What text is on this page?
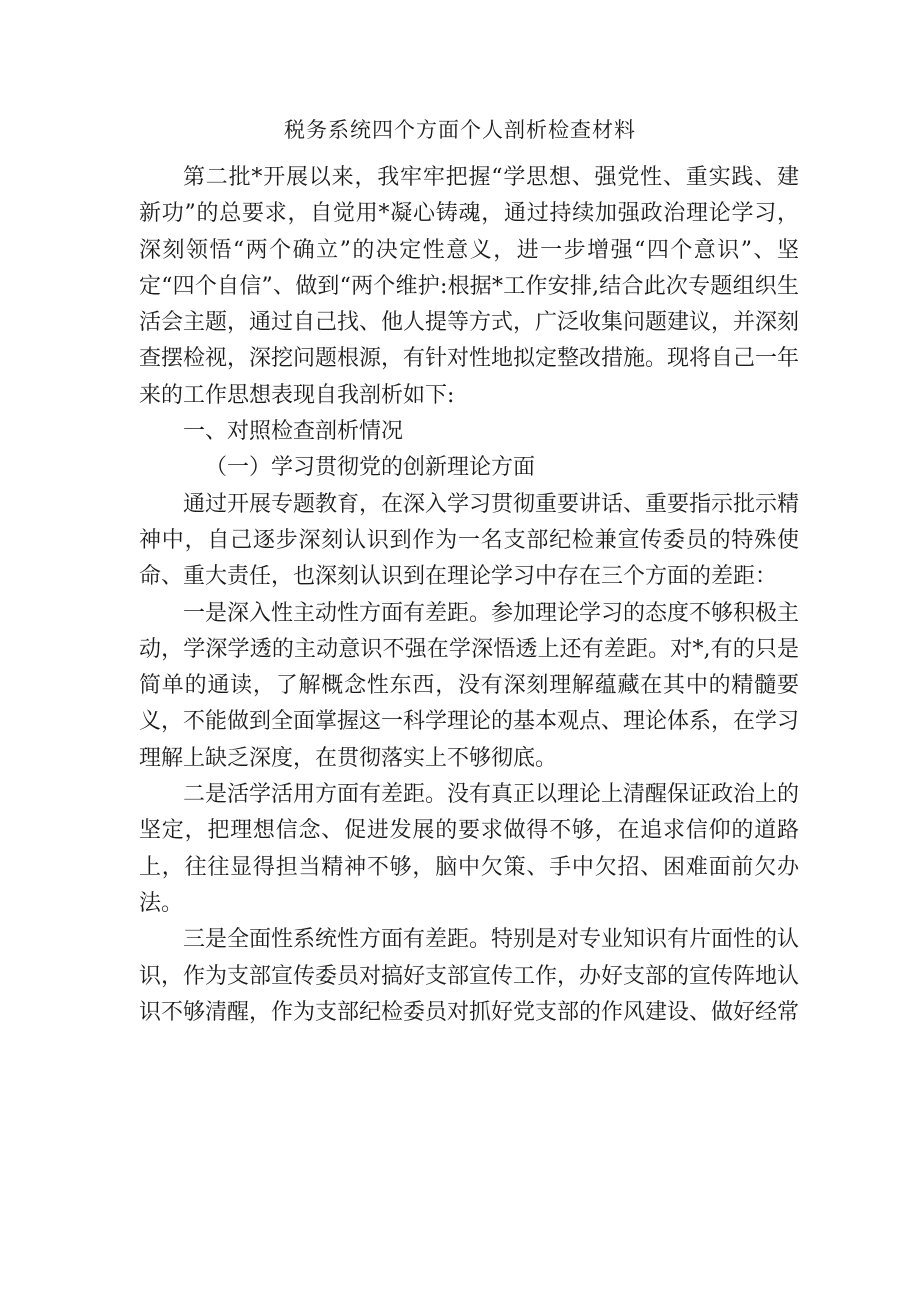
税务系统四个方面个人剖析检查材料

第二批*开展以来，我牢牢把握“学思想、强党性、重实践、建新功”的总要求，自觉用*凝心铸魂，通过持续加强政治理论学习，深刻领悟“两个确立”的决定性意义，进一步增强“四个意识”、坚定“四个自信”、做到“两个维护:根据*工作安排,结合此次专题组织生活会主题，通过自己找、他人提等方式，广泛收集问题建议，并深刻查摆检视，深挖问题根源，有针对性地拟定整改措施。现将自己一年来的工作思想表现自我剖析如下:

一、对照检查剖析情况

（一）学习贯彻党的创新理论方面

通过开展专题教育，在深入学习贯彻重要讲话、重要指示批示精神中，自己逐步深刻认识到作为一名支部纪检兼宣传委员的特殊使命、重大责任，也深刻认识到在理论学习中存在三个方面的差距：

一是深入性主动性方面有差距。参加理论学习的态度不够积极主动，学深学透的主动意识不强在学深悟透上还有差距。对*,有的只是简单的通读，了解概念性东西，没有深刻理解蕴藏在其中的精髓要义，不能做到全面掌握这一科学理论的基本观点、理论体系，在学习理解上缺乏深度，在贯彻落实上不够彻底。

二是活学活用方面有差距。没有真正以理论上清醒保证政治上的坚定，把理想信念、促进发展的要求做得不够，在追求信仰的道路上，往往显得担当精神不够，脑中欠策、手中欠招、困难面前欠办法。

三是全面性系统性方面有差距。特别是对专业知识有片面性的认识，作为支部宣传委员对搞好支部宣传工作，办好支部的宣传阵地认识不够清醒，作为支部纪检委员对抓好党支部的作风建设、做好经常
